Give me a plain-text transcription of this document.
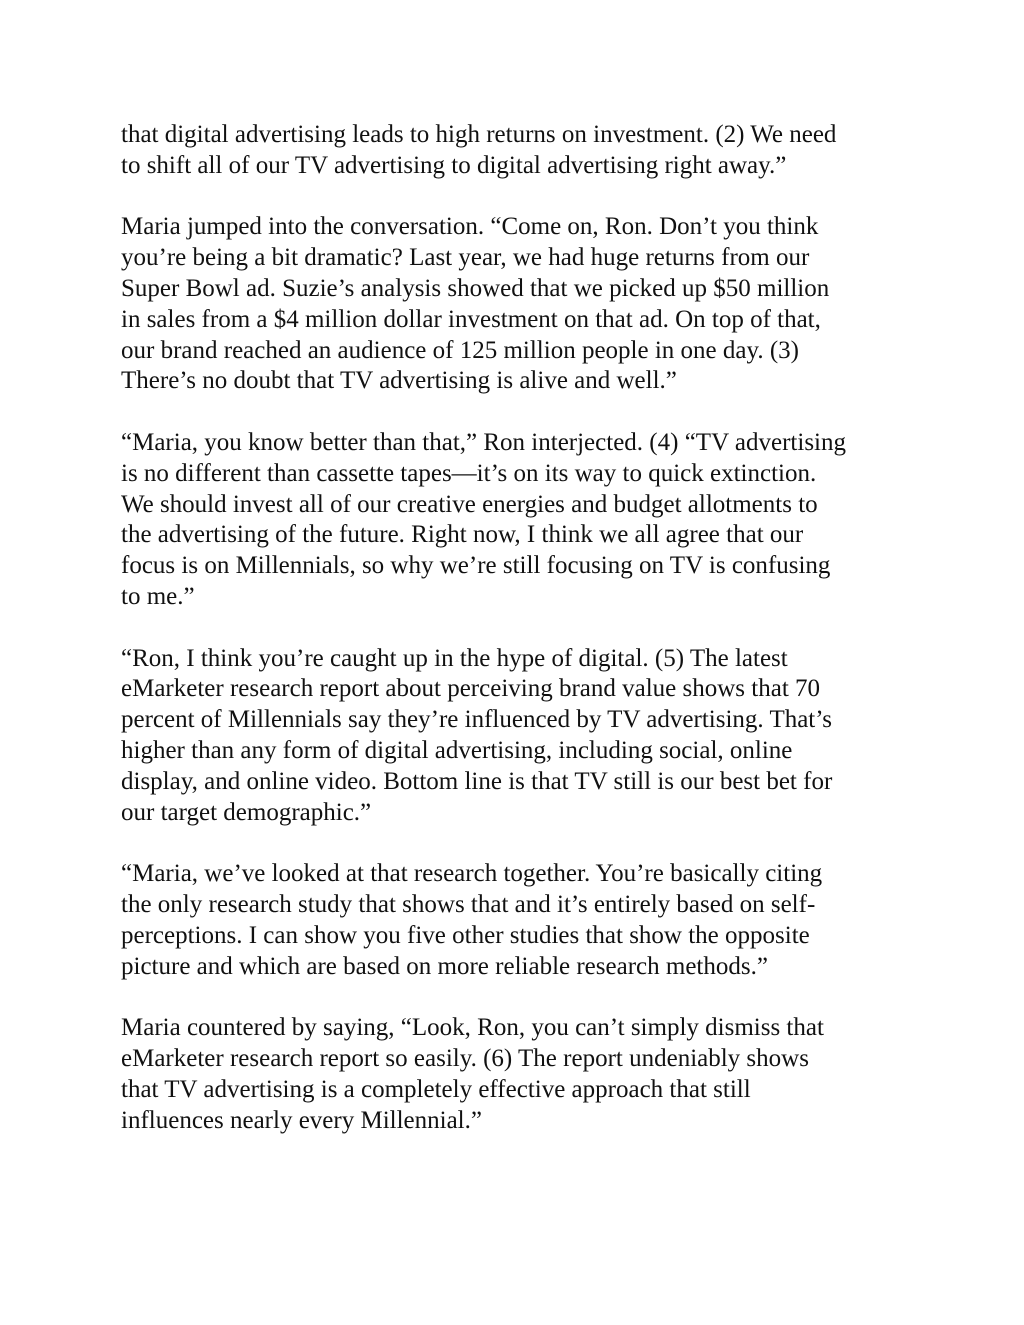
that digital advertising leads to high returns on investment. (2) We need
to shift all of our TV advertising to digital advertising right away.”

Maria jumped into the conversation. “Come on, Ron. Don’t you think
you’re being a bit dramatic? Last year, we had huge returns from our
Super Bowl ad. Suzie’s analysis showed that we picked up $50 million
in sales from a $4 million dollar investment on that ad. On top of that,
our brand reached an audience of 125 million people in one day. (3)
There’s no doubt that TV advertising is alive and well.”

“Maria, you know better than that,” Ron interjected. (4) “TV advertising
is no different than cassette tapes—it’s on its way to quick extinction.
We should invest all of our creative energies and budget allotments to
the advertising of the future. Right now, I think we all agree that our
focus is on Millennials, so why we’re still focusing on TV is confusing
to me.”

“Ron, I think you’re caught up in the hype of digital. (5) The latest
eMarketer research report about perceiving brand value shows that 70
percent of Millennials say they’re influenced by TV advertising. That’s
higher than any form of digital advertising, including social, online
display, and online video. Bottom line is that TV still is our best bet for
our target demographic.”

“Maria, we’ve looked at that research together. You’re basically citing
the only research study that shows that and it’s entirely based on self-
perceptions. I can show you five other studies that show the opposite
picture and which are based on more reliable research methods.”

Maria countered by saying, “Look, Ron, you can’t simply dismiss that
eMarketer research report so easily. (6) The report undeniably shows
that TV advertising is a completely effective approach that still
influences nearly every Millennial.”
